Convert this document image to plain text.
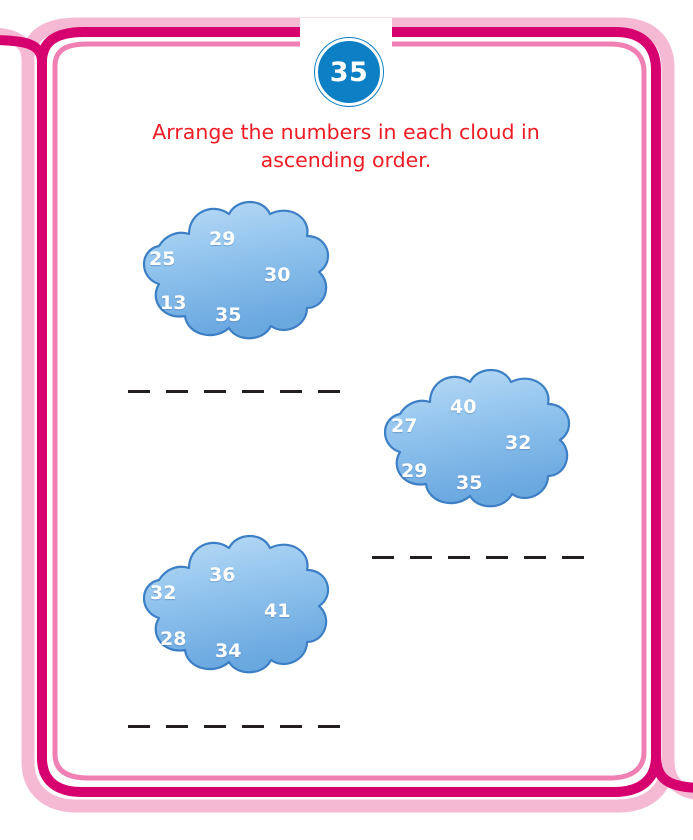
35
Arrange the numbers in each cloud in
ascending order.
25
29
30
13
35
27
40
32
29
35
32
36
41
28
34
